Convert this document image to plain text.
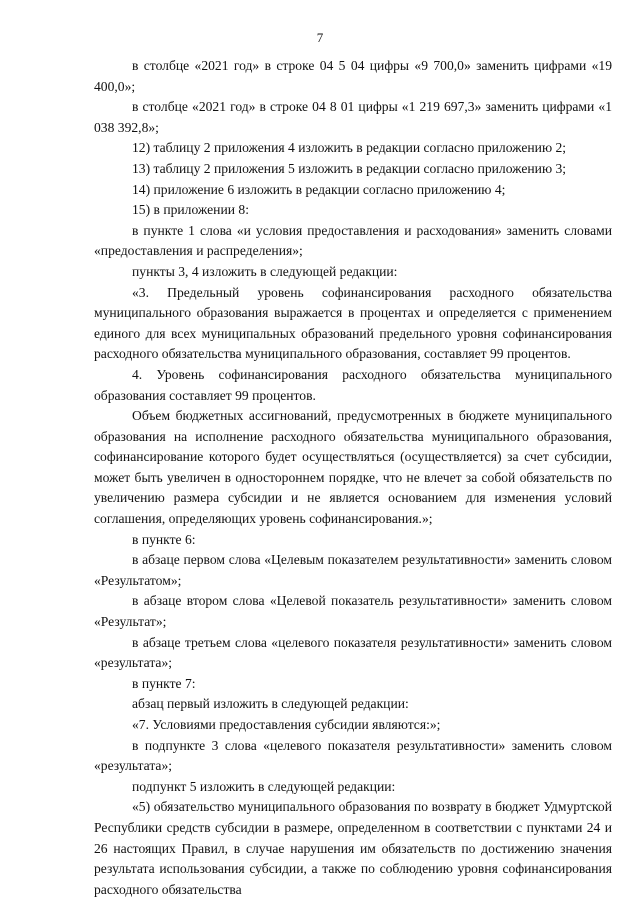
7

в столбце «2021 год» в строке 04 5 04 цифры «9 700,0» заменить цифрами «19 400,0»;

в столбце «2021 год» в строке 04 8 01 цифры «1 219 697,3» заменить цифрами «1 038 392,8»;

12) таблицу 2 приложения 4 изложить в редакции согласно приложению 2;

13) таблицу 2 приложения 5 изложить в редакции согласно приложению 3;

14) приложение 6 изложить в редакции согласно приложению 4;

15) в приложении 8:

в пункте 1 слова «и условия предоставления и расходования» заменить словами «предоставления и распределения»;

пункты 3, 4 изложить в следующей редакции:

«3. Предельный уровень софинансирования расходного обязательства муниципального образования выражается в процентах и определяется с применением единого для всех муниципальных образований предельного уровня софинансирования расходного обязательства муниципального образования, составляет 99 процентов.

4. Уровень софинансирования расходного обязательства муниципального образования составляет 99 процентов.

Объем бюджетных ассигнований, предусмотренных в бюджете муниципального образования на исполнение расходного обязательства муниципального образования, софинансирование которого будет осуществляться (осуществляется) за счет субсидии, может быть увеличен в одностороннем порядке, что не влечет за собой обязательств по увеличению размера субсидии и не является основанием для изменения условий соглашения, определяющих уровень софинансирования.»;

в пункте 6:

в абзаце первом слова «Целевым показателем результативности» заменить словом «Результатом»;

в абзаце втором слова «Целевой показатель результативности» заменить словом «Результат»;

в абзаце третьем слова «целевого показателя результативности» заменить словом «результата»;

в пункте 7:

абзац первый изложить в следующей редакции:

«7. Условиями предоставления субсидии являются:»;

в подпункте 3 слова «целевого показателя результативности» заменить словом «результата»;

подпункт 5 изложить в следующей редакции:

«5) обязательство муниципального образования по возврату в бюджет Удмуртской Республики средств субсидии в размере, определенном в соответствии с пунктами 24 и 26 настоящих Правил, в случае нарушения им обязательств по достижению значения результата использования субсидии, а также по соблюдению уровня софинансирования расходного обязательства
